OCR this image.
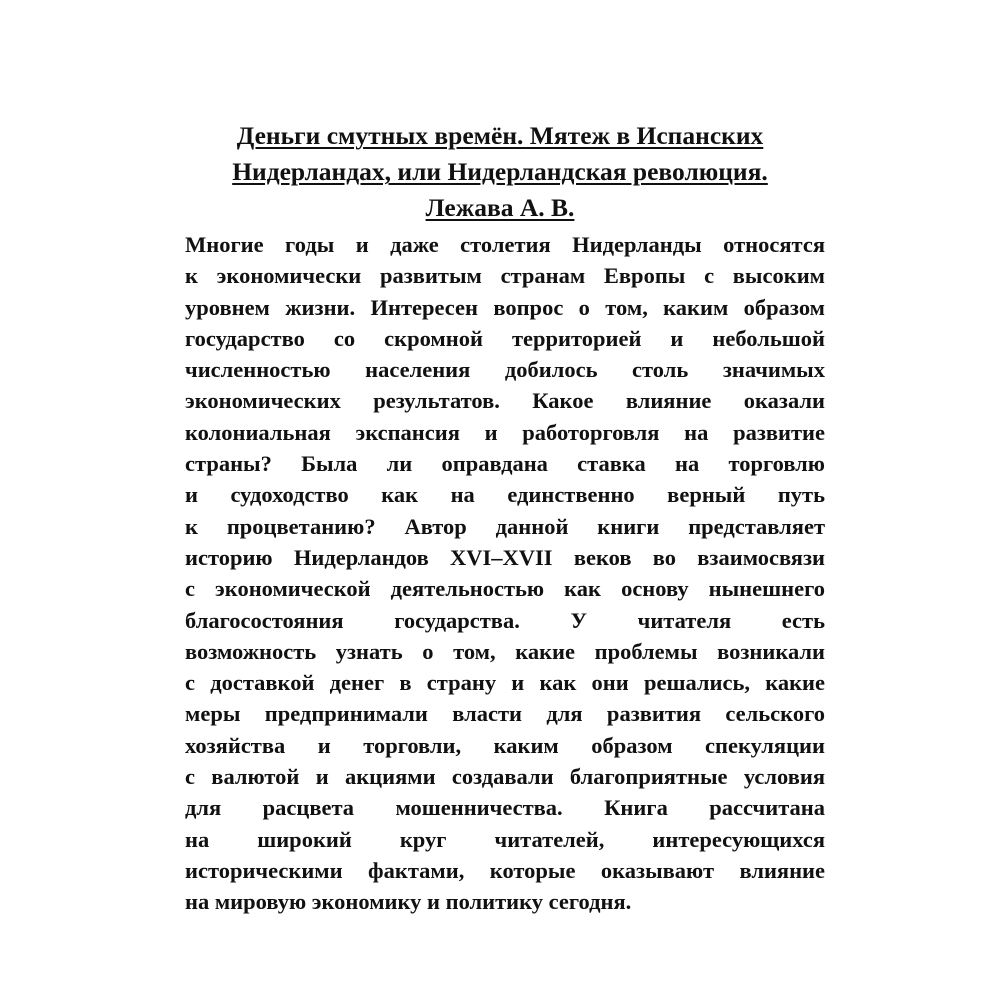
Деньги смутных времён. Мятеж в Испанских
Нидерландах, или Нидерландская революция.
Лежава А. В.
Многие годы и даже столетия Нидерланды относятся
к экономически развитым странам Европы с высоким
уровнем жизни. Интересен вопрос о том, каким образом
государство со скромной территорией и небольшой
численностью населения добилось столь значимых
экономических результатов. Какое влияние оказали
колониальная экспансия и работорговля на развитие
страны? Была ли оправдана ставка на торговлю
и судоходство как на единственно верный путь
к процветанию? Автор данной книги представляет
историю Нидерландов XVI–XVII веков во взаимосвязи
с экономической деятельностью как основу нынешнего
благосостояния государства. У читателя есть
возможность узнать о том, какие проблемы возникали
с доставкой денег в страну и как они решались, какие
меры предпринимали власти для развития сельского
хозяйства и торговли, каким образом спекуляции
с валютой и акциями создавали благоприятные условия
для расцвета мошенничества. Книга рассчитана
на широкий круг читателей, интересующихся
историческими фактами, которые оказывают влияние
на мировую экономику и политику сегодня.
